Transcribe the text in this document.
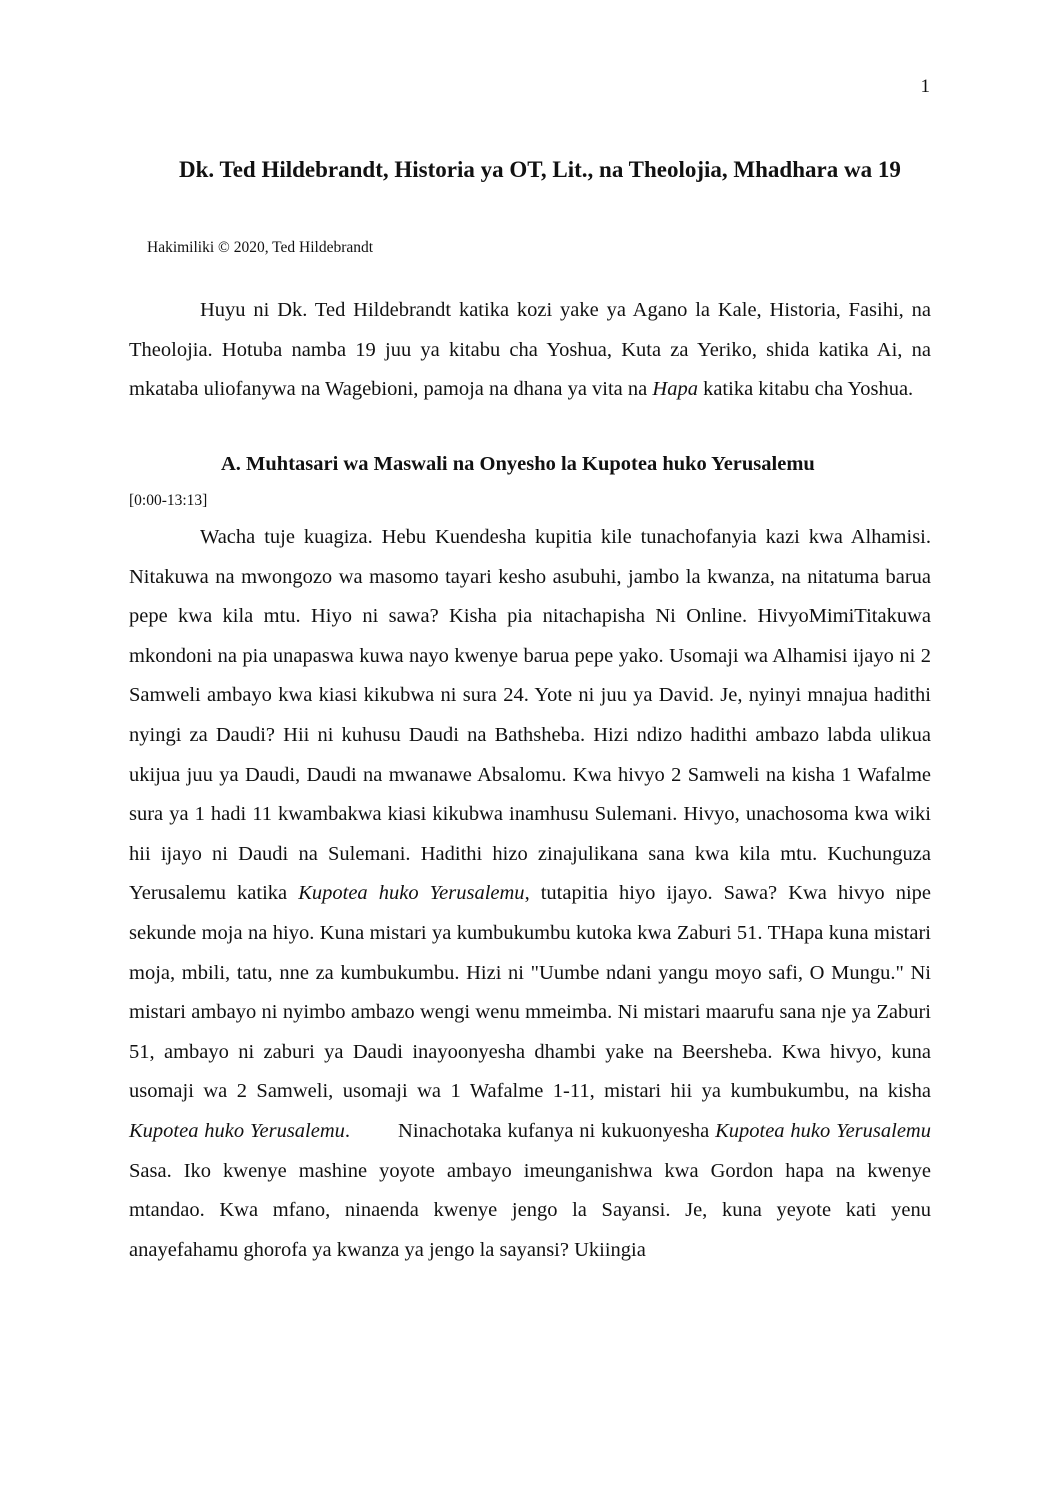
1
Dk. Ted Hildebrandt, Historia ya OT, Lit., na Theolojia, Mhadhara wa 19
Hakimiliki © 2020, Ted Hildebrandt

Huyu ni Dk. Ted Hildebrandt katika kozi yake ya Agano la Kale, Historia, Fasihi, na Theolojia. Hotuba namba 19 juu ya kitabu cha Yoshua, Kuta za Yeriko, shida katika Ai, na mkataba uliofanywa na Wagebioni, pamoja na dhana ya vita na Hapa katika kitabu cha Yoshua.

A. Muhtasari wa Maswali na Onyesho la Kupotea huko Yerusalemu
[0:00-13:13]

Wacha tuje kuagiza. Hebu Kuendesha kupitia kile tunachofanyia kazi kwa Alhamisi. Nitakuwa na mwongozo wa masomo tayari kesho asubuhi, jambo la kwanza, na nitatuma barua pepe kwa kila mtu. Hiyo ni sawa? Kisha pia nitachapisha Ni Online. HivyoMimiTitakuwa mkondoni na pia unapaswa kuwa nayo kwenye barua pepe yako. Usomaji wa Alhamisi ijayo ni 2 Samweli ambayo kwa kiasi kikubwa ni sura 24. Yote ni juu ya David. Je, nyinyi mnajua hadithi nyingi za Daudi? Hii ni kuhusu Daudi na Bathsheba. Hizi ndizo hadithi ambazo labda ulikua ukijua juu ya Daudi, Daudi na mwanawe Absalomu. Kwa hivyo 2 Samweli na kisha 1 Wafalme sura ya 1 hadi 11 kwambakwa kiasi kikubwa inamhusu Sulemani. Hivyo, unachosoma kwa wiki hii ijayo ni Daudi na Sulemani. Hadithi hizo zinajulikana sana kwa kila mtu. Kuchunguza Yerusalemu katika Kupotea huko Yerusalemu, tutapitia hiyo ijayo. Sawa? Kwa hivyo nipe sekunde moja na hiyo. Kuna mistari ya kumbukumbu kutoka kwa Zaburi 51. THapa kuna mistari moja, mbili, tatu, nne za kumbukumbu. Hizi ni "Uumbe ndani yangu moyo safi, O Mungu." Ni mistari ambayo ni nyimbo ambazo wengi wenu mmeimba. Ni mistari maarufu sana nje ya Zaburi 51, ambayo ni zaburi ya Daudi inayoonyesha dhambi yake na Beersheba. Kwa hivyo, kuna usomaji wa 2 Samweli, usomaji wa 1 Wafalme 1-11, mistari hii ya kumbukumbu, na kisha Kupotea huko Yerusalemu. Ninachotaka kufanya ni kukuonyesha Kupotea huko Yerusalemu Sasa. Iko kwenye mashine yoyote ambayo imeunganishwa kwa Gordon hapa na kwenye mtandao. Kwa mfano, ninaenda kwenye jengo la Sayansi. Je, kuna yeyote kati yenu anayefahamu ghorofa ya kwanza ya jengo la sayansi? Ukiingia
